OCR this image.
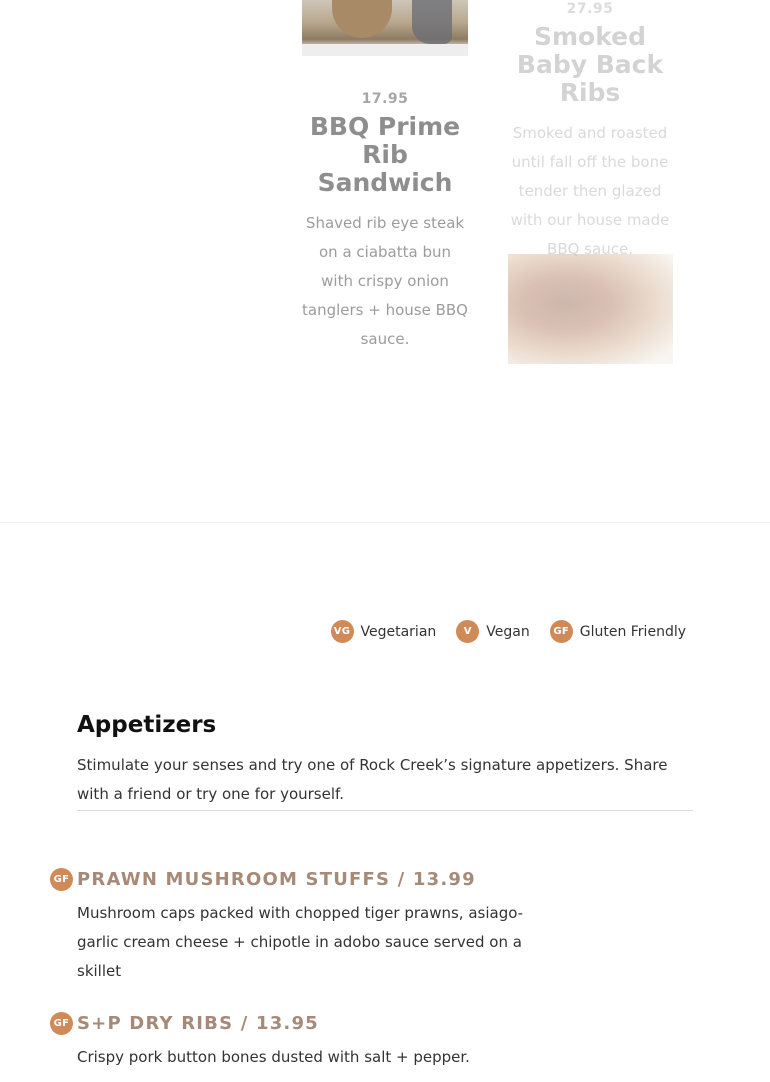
17.95
BBQ Prime Rib Sandwich
Shaved rib eye steak on a ciabatta bun with crispy onion tanglers + house BBQ sauce.
27.95
Smoked Baby Back Ribs
Smoked and roasted until fall off the bone tender then glazed with our house made BBQ sauce.
VG Vegetarian	V	Vegan	GF Gluten Friendly
Appetizers
Stimulate your senses and try one of Rock Creek’s signature appetizers. Share with a friend or try one for yourself.
GF PRAWN MUSHROOM STUFFS / 13.99
Mushroom caps packed with chopped tiger prawns, asiago-garlic cream cheese + chipotle in adobo sauce served on a skillet
GF S+P DRY RIBS / 13.95
Crispy pork button bones dusted with salt + pepper.
